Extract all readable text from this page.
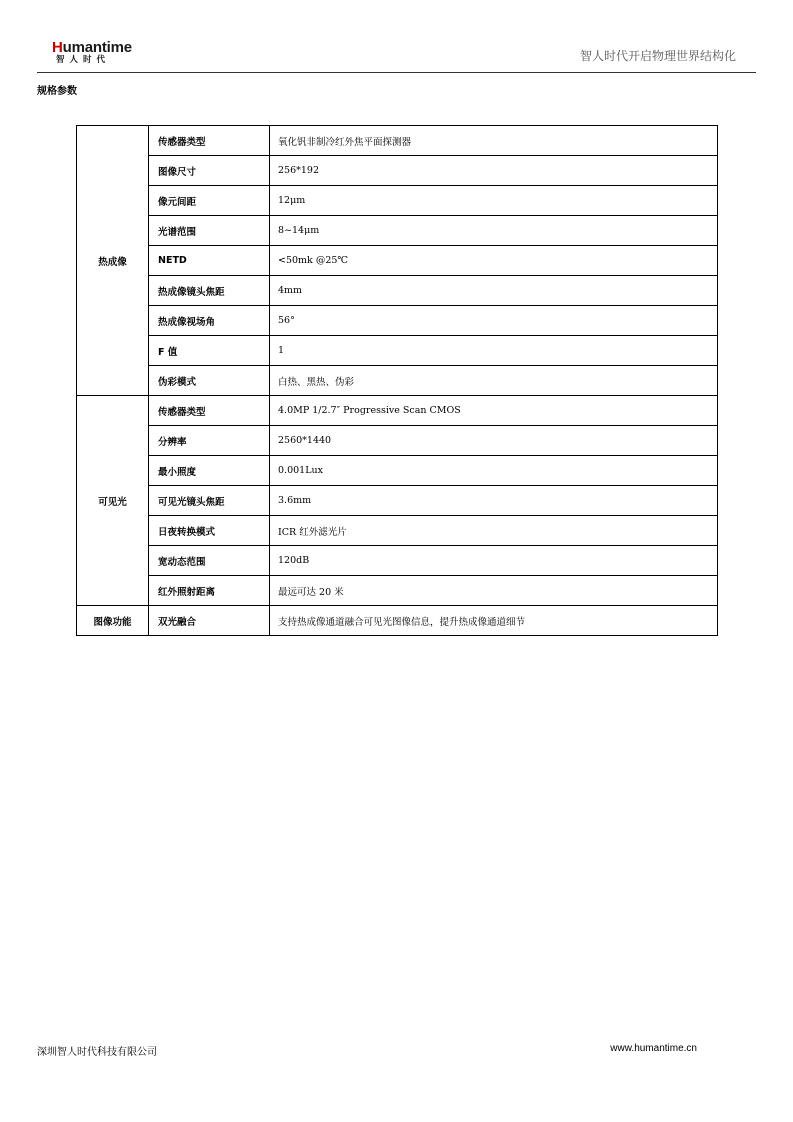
Humantime
智人时代	智人时代开启物理世界结构化
规格参数
热成像	传感器类型	氧化钒非制冷红外焦平面探测器
	图像尺寸	256*192
	像元间距	12μm
	光谱范围	8~14μm
	NETD	<50mk @25℃
	热成像镜头焦距	4mm
	热成像视场角	56°
	F 值	1
	伪彩模式	白热、黑热、伪彩
可见光	传感器类型	4.0MP 1/2.7″ Progressive Scan CMOS
	分辨率	2560*1440
	最小照度	0.001Lux
	可见光镜头焦距	3.6mm
	日夜转换模式	ICR 红外滤光片
	宽动态范围	120dB
	红外照射距离	最远可达 20 米
图像功能	双光融合	支持热成像通道融合可见光图像信息，提升热成像通道细节
深圳智人时代科技有限公司	www.humantime.cn
